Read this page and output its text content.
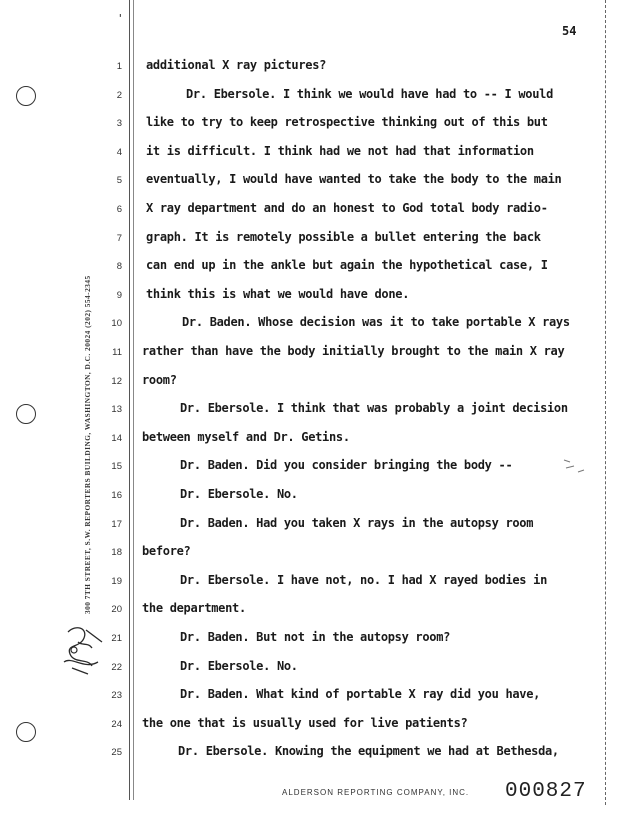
'
300 7TH STREET, S.W. REPORTERS BUILDING, WASHINGTON, D.C. 20024 (202) 554-2345
54
1 additional X ray pictures?
2	Dr. Ebersole. I think we would have had to -- I would
3 like to try to keep retrospective thinking out of this but
4 it is difficult. I think had we not had that information
5 eventually, I would have wanted to take the body to the main
6 X ray department and do an honest to God total body radio-
7 graph. It is remotely possible a bullet entering the back
8 can end up in the ankle but again the hypothetical case, I
9 think this is what we would have done.
10	Dr. Baden. Whose decision was it to take portable X rays
11 rather than have the body initially brought to the main X ray
12 room?
13	Dr. Ebersole. I think that was probably a joint decision
14 between myself and Dr. Getins.
15	Dr. Baden. Did you consider bringing the body --
16	Dr. Ebersole. No.
17	Dr. Baden. Had you taken X rays in the autopsy room
18 before?
19	Dr. Ebersole. I have not, no. I had X rayed bodies in
20 the department.
21	Dr. Baden. But not in the autopsy room?
22	Dr. Ebersole. No.
23	Dr. Baden. What kind of portable X ray did you have,
24 the one that is usually used for live patients?
25	Dr. Ebersole. Knowing the equipment we had at Bethesda,
ALDERSON REPORTING COMPANY, INC. 000827
